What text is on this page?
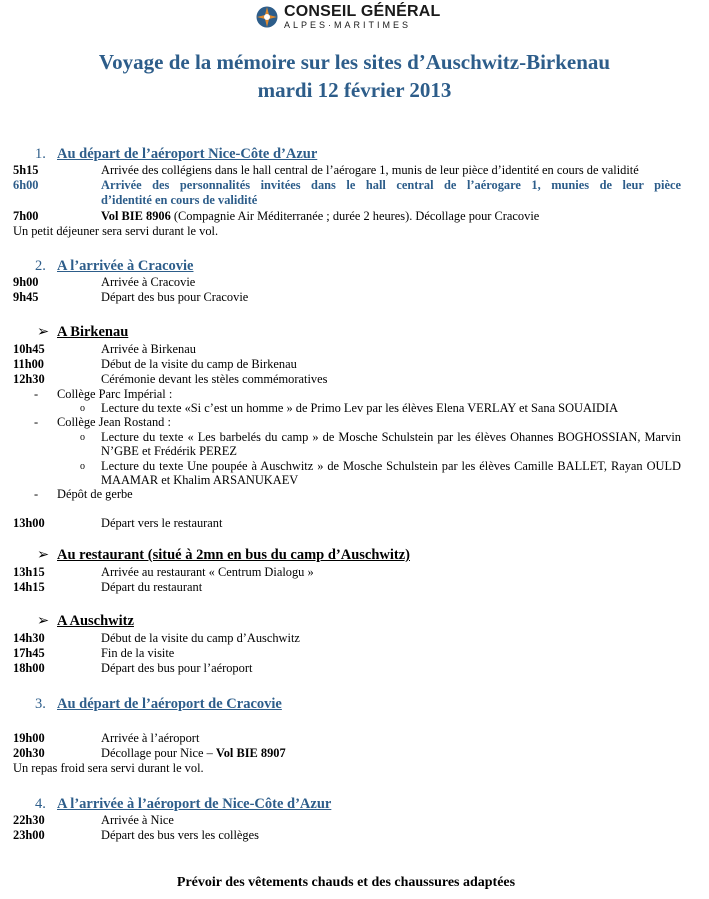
CONSEIL GÉNÉRAL
ALPES·MARITIMES
Voyage de la mémoire sur les sites d’Auschwitz-Birkenau
mardi 12 février 2013
1. Au départ de l’aéroport Nice-Côte d’Azur
5h15	Arrivée des collégiens dans le hall central de l’aérogare 1, munis de leur pièce d’identité en cours de validité
6h00	Arrivée des personnalités invitées dans le hall central de l’aérogare 1, munies de leur pièce
d’identité en cours de validité
7h00	Vol BIE 8906 (Compagnie Air Méditerranée ; durée 2 heures). Décollage pour Cracovie
Un petit déjeuner sera servi durant le vol.
2. A l’arrivée à Cracovie
9h00	Arrivée à Cracovie
9h45	Départ des bus pour Cracovie
➢ A Birkenau
10h45	Arrivée à Birkenau
11h00	Début de la visite du camp de Birkenau
12h30	Cérémonie devant les stèles commémoratives
- Collège Parc Impérial :
o Lecture du texte «Si c’est un homme » de Primo Lev par les élèves Elena VERLAY et Sana SOUAIDIA
- Collège Jean Rostand :
o Lecture du texte « Les barbelés du camp » de Mosche Schulstein par les élèves Ohannes BOGHOSSIAN, Marvin
N’GBE et Frédérik PEREZ
o Lecture du texte Une poupée à Auschwitz » de Mosche Schulstein par les élèves Camille BALLET, Rayan OULD
MAAMAR et Khalim ARSANUKAEV
- Dépôt de gerbe
13h00	Départ vers le restaurant
➢ Au restaurant (situé à 2mn en bus du camp d’Auschwitz)
13h15	Arrivée au restaurant « Centrum Dialogu »
14h15	Départ du restaurant
➢ A Auschwitz
14h30	Début de la visite du camp d’Auschwitz
17h45	Fin de la visite
18h00	Départ des bus pour l’aéroport
3. Au départ de l’aéroport de Cracovie
19h00	Arrivée à l’aéroport
20h30	Décollage pour Nice – Vol BIE 8907
Un repas froid sera servi durant le vol.
4. A l’arrivée à l’aéroport de Nice-Côte d’Azur
22h30	Arrivée à Nice
23h00	Départ des bus vers les collèges
Prévoir des vêtements chauds et des chaussures adaptées
